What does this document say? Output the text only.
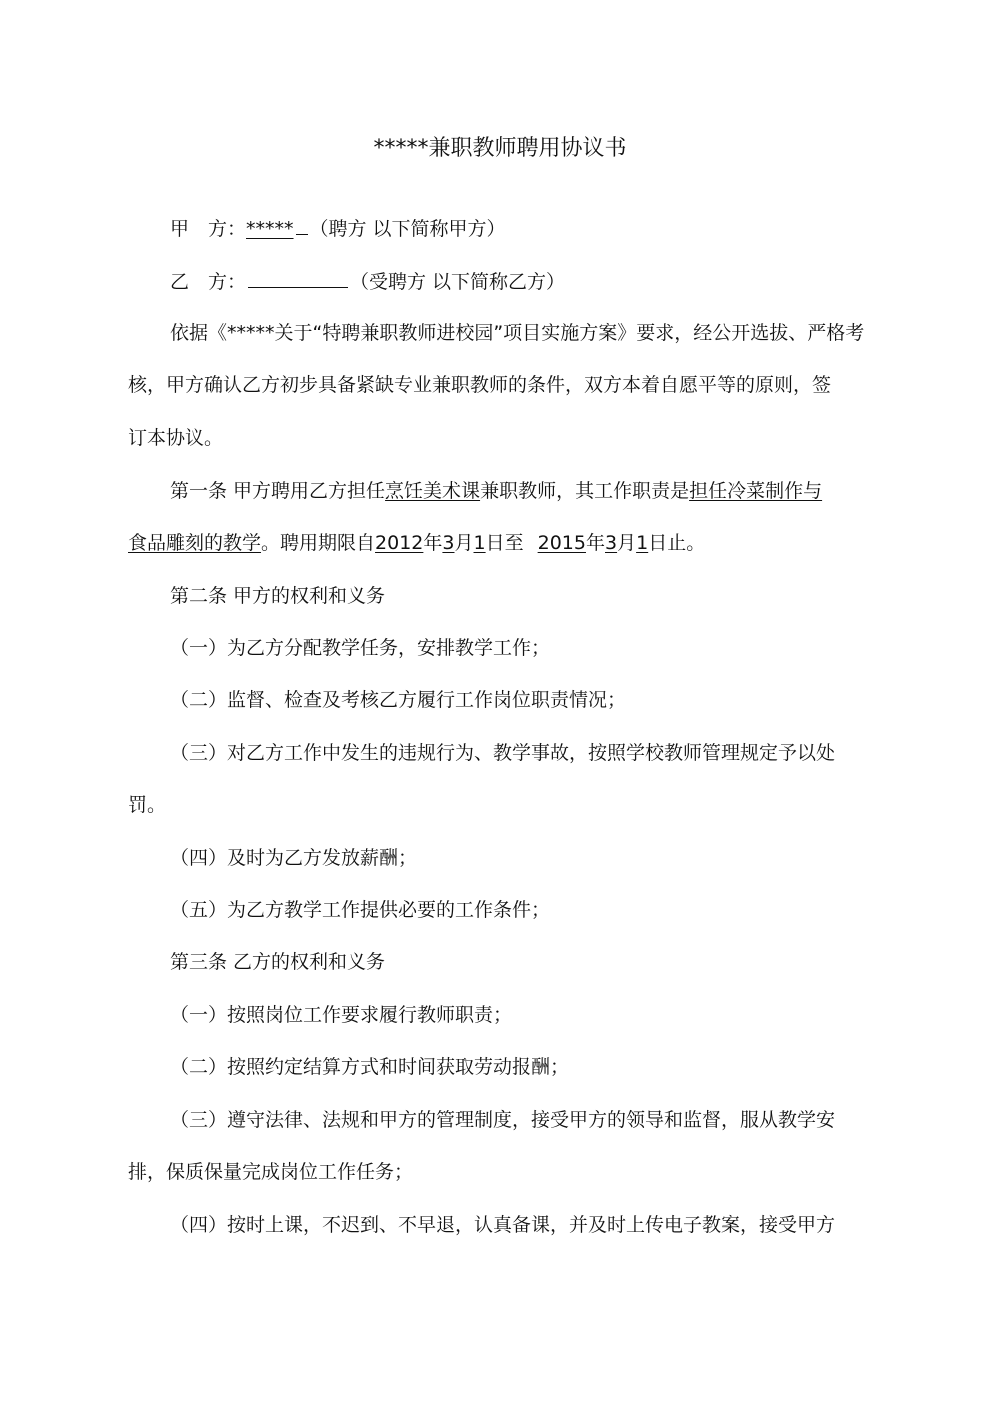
*****兼职教师聘用协议书
甲　方：***** （聘方 以下简称甲方）
乙　方：	（受聘方 以下简称乙方）
依据《*****关于“特聘兼职教师进校园”项目实施方案》要求，经公开选拔、严格考
核，甲方确认乙方初步具备紧缺专业兼职教师的条件，双方本着自愿平等的原则，签
订本协议。
第一条 甲方聘用乙方担任烹饪美术课兼职教师，其工作职责是担任冷菜制作与
食品雕刻的教学。聘用期限自2012年3月1日至 2015年3月1日止。
第二条 甲方的权利和义务
（一）为乙方分配教学任务，安排教学工作；
（二）监督、检查及考核乙方履行工作岗位职责情况；
（三）对乙方工作中发生的违规行为、教学事故，按照学校教师管理规定予以处
罚。
（四）及时为乙方发放薪酬；
（五）为乙方教学工作提供必要的工作条件；
第三条 乙方的权利和义务
（一）按照岗位工作要求履行教师职责；
（二）按照约定结算方式和时间获取劳动报酬；
（三）遵守法律、法规和甲方的管理制度，接受甲方的领导和监督，服从教学安
排，保质保量完成岗位工作任务；
（四）按时上课，不迟到、不早退，认真备课，并及时上传电子教案，接受甲方
